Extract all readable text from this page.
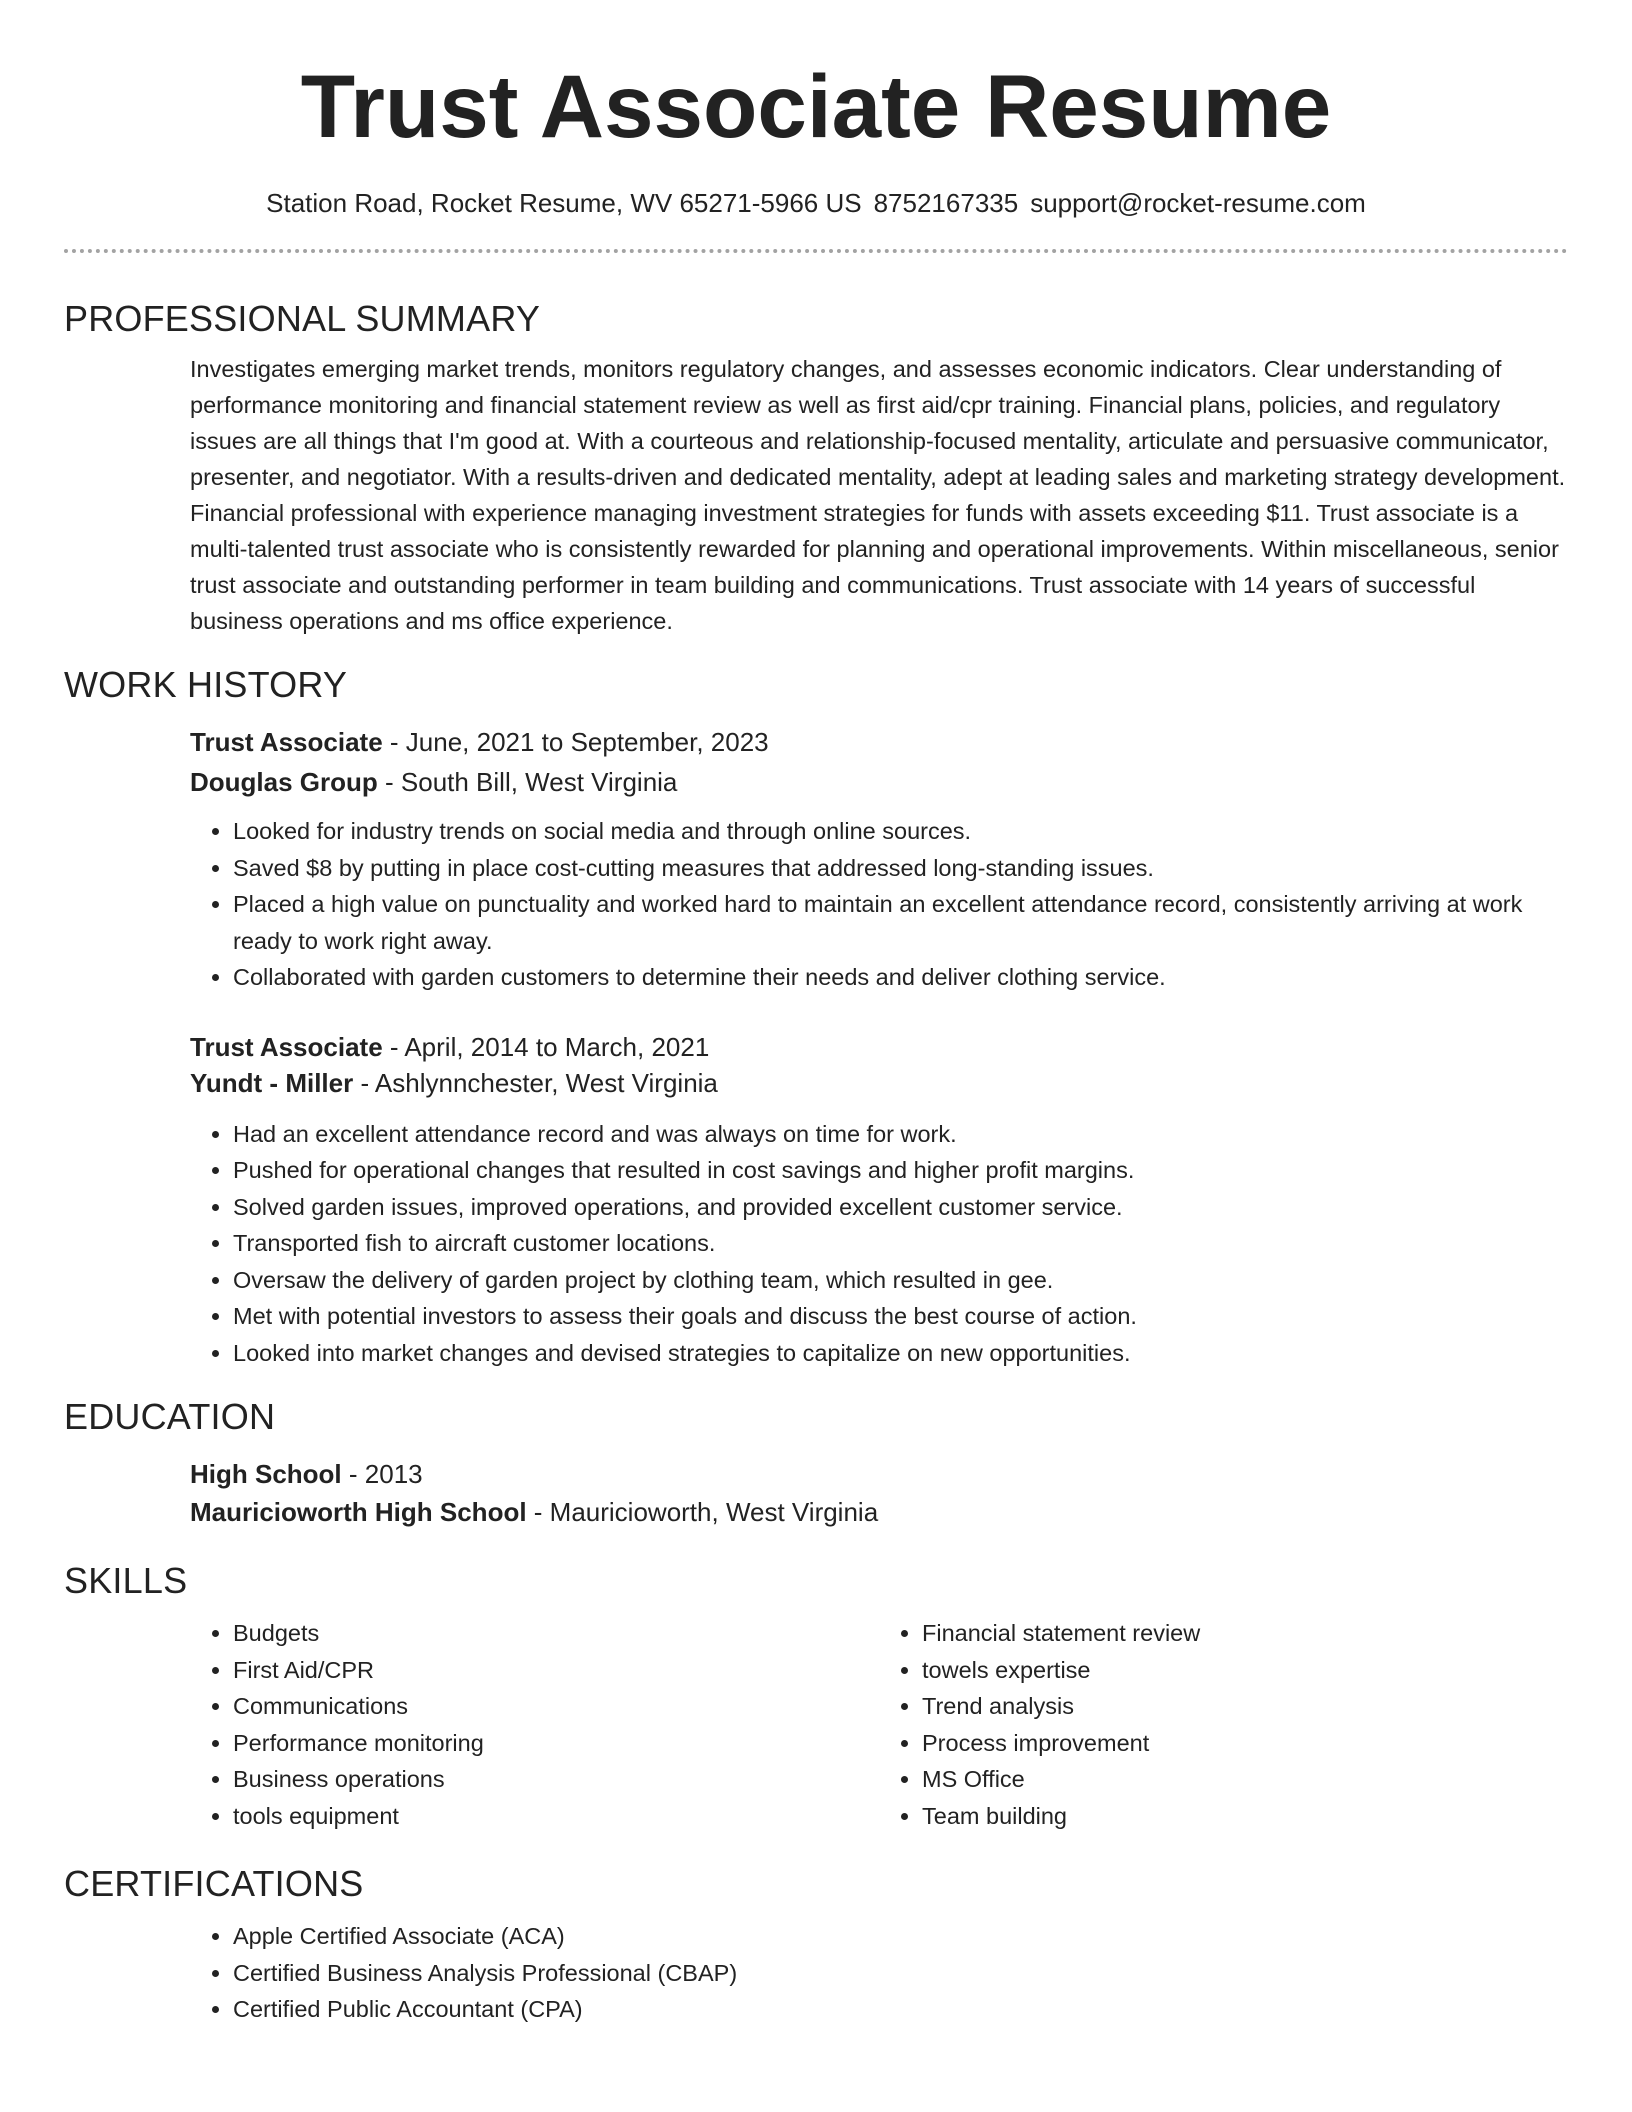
Trust Associate Resume
Station Road, Rocket Resume, WV 65271-5966 US 8752167335 support@rocket-resume.com
PROFESSIONAL SUMMARY

Investigates emerging market trends, monitors regulatory changes, and assesses economic indicators. Clear understanding of performance monitoring and financial statement review as well as first aid/cpr training. Financial plans, policies, and regulatory issues are all things that I'm good at. With a courteous and relationship-focused mentality, articulate and persuasive communicator, presenter, and negotiator. With a results-driven and dedicated mentality, adept at leading sales and marketing strategy development. Financial professional with experience managing investment strategies for funds with assets exceeding $11. Trust associate is a multi-talented trust associate who is consistently rewarded for planning and operational improvements. Within miscellaneous, senior trust associate and outstanding performer in team building and communications. Trust associate with 14 years of successful business operations and ms office experience.

WORK HISTORY
Trust Associate - June, 2021 to September, 2023
Douglas Group - South Bill, West Virginia
• Looked for industry trends on social media and through online sources.
• Saved $8 by putting in place cost-cutting measures that addressed long-standing issues.
• Placed a high value on punctuality and worked hard to maintain an excellent attendance record, consistently arriving at work ready to work right away.
• Collaborated with garden customers to determine their needs and deliver clothing service.
Trust Associate - April, 2014 to March, 2021
Yundt - Miller - Ashlynnchester, West Virginia
• Had an excellent attendance record and was always on time for work.
• Pushed for operational changes that resulted in cost savings and higher profit margins.
• Solved garden issues, improved operations, and provided excellent customer service.
• Transported fish to aircraft customer locations.
• Oversaw the delivery of garden project by clothing team, which resulted in gee.
• Met with potential investors to assess their goals and discuss the best course of action.
• Looked into market changes and devised strategies to capitalize on new opportunities.
EDUCATION
High School - 2013
Mauricioworth High School - Mauricioworth, West Virginia
SKILLS
• Budgets
• First Aid/CPR
• Communications
• Performance monitoring
• Business operations
• tools equipment
• Financial statement review
• towels expertise
• Trend analysis
• Process improvement
• MS Office
• Team building
CERTIFICATIONS
• Apple Certified Associate (ACA)
• Certified Business Analysis Professional (CBAP)
• Certified Public Accountant (CPA)
